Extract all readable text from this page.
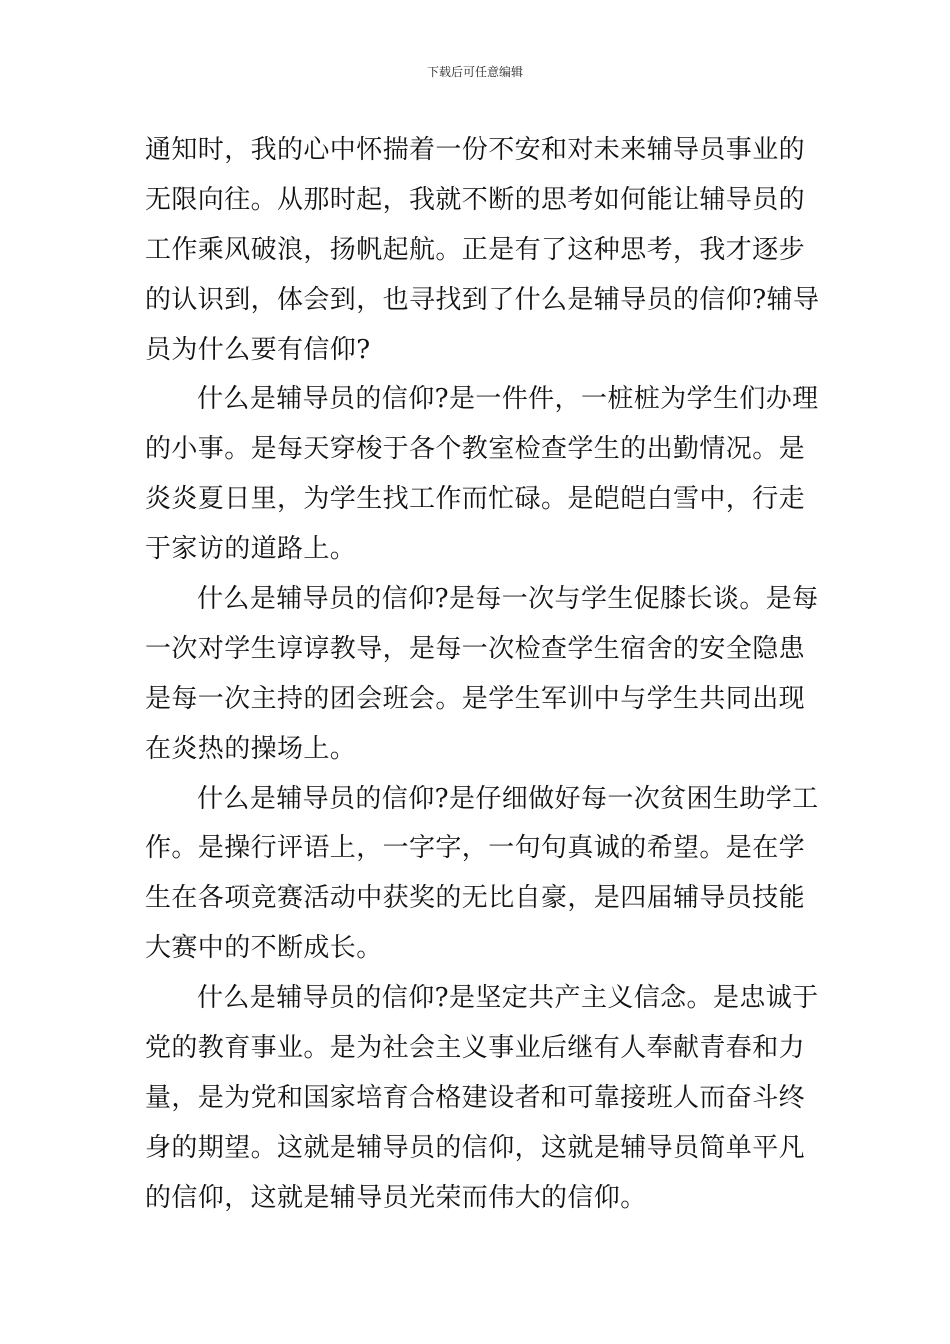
下载后可任意编辑
通知时，我的心中怀揣着一份不安和对未来辅导员事业的
无限向往。从那时起，我就不断的思考如何能让辅导员的
工作乘风破浪，扬帆起航。正是有了这种思考，我才逐步
的认识到，体会到，也寻找到了什么是辅导员的信仰?辅导
员为什么要有信仰?
什么是辅导员的信仰?是一件件，一桩桩为学生们办理
的小事。是每天穿梭于各个教室检查学生的出勤情况。是
炎炎夏日里，为学生找工作而忙碌。是皑皑白雪中，行走
于家访的道路上。
什么是辅导员的信仰?是每一次与学生促膝长谈。是每
一次对学生谆谆教导，是每一次检查学生宿舍的安全隐患
是每一次主持的团会班会。是学生军训中与学生共同出现
在炎热的操场上。
什么是辅导员的信仰?是仔细做好每一次贫困生助学工
作。是操行评语上，一字字，一句句真诚的希望。是在学
生在各项竞赛活动中获奖的无比自豪，是四届辅导员技能
大赛中的不断成长。
什么是辅导员的信仰?是坚定共产主义信念。是忠诚于
党的教育事业。是为社会主义事业后继有人奉献青春和力
量，是为党和国家培育合格建设者和可靠接班人而奋斗终
身的期望。这就是辅导员的信仰，这就是辅导员简单平凡
的信仰，这就是辅导员光荣而伟大的信仰。
